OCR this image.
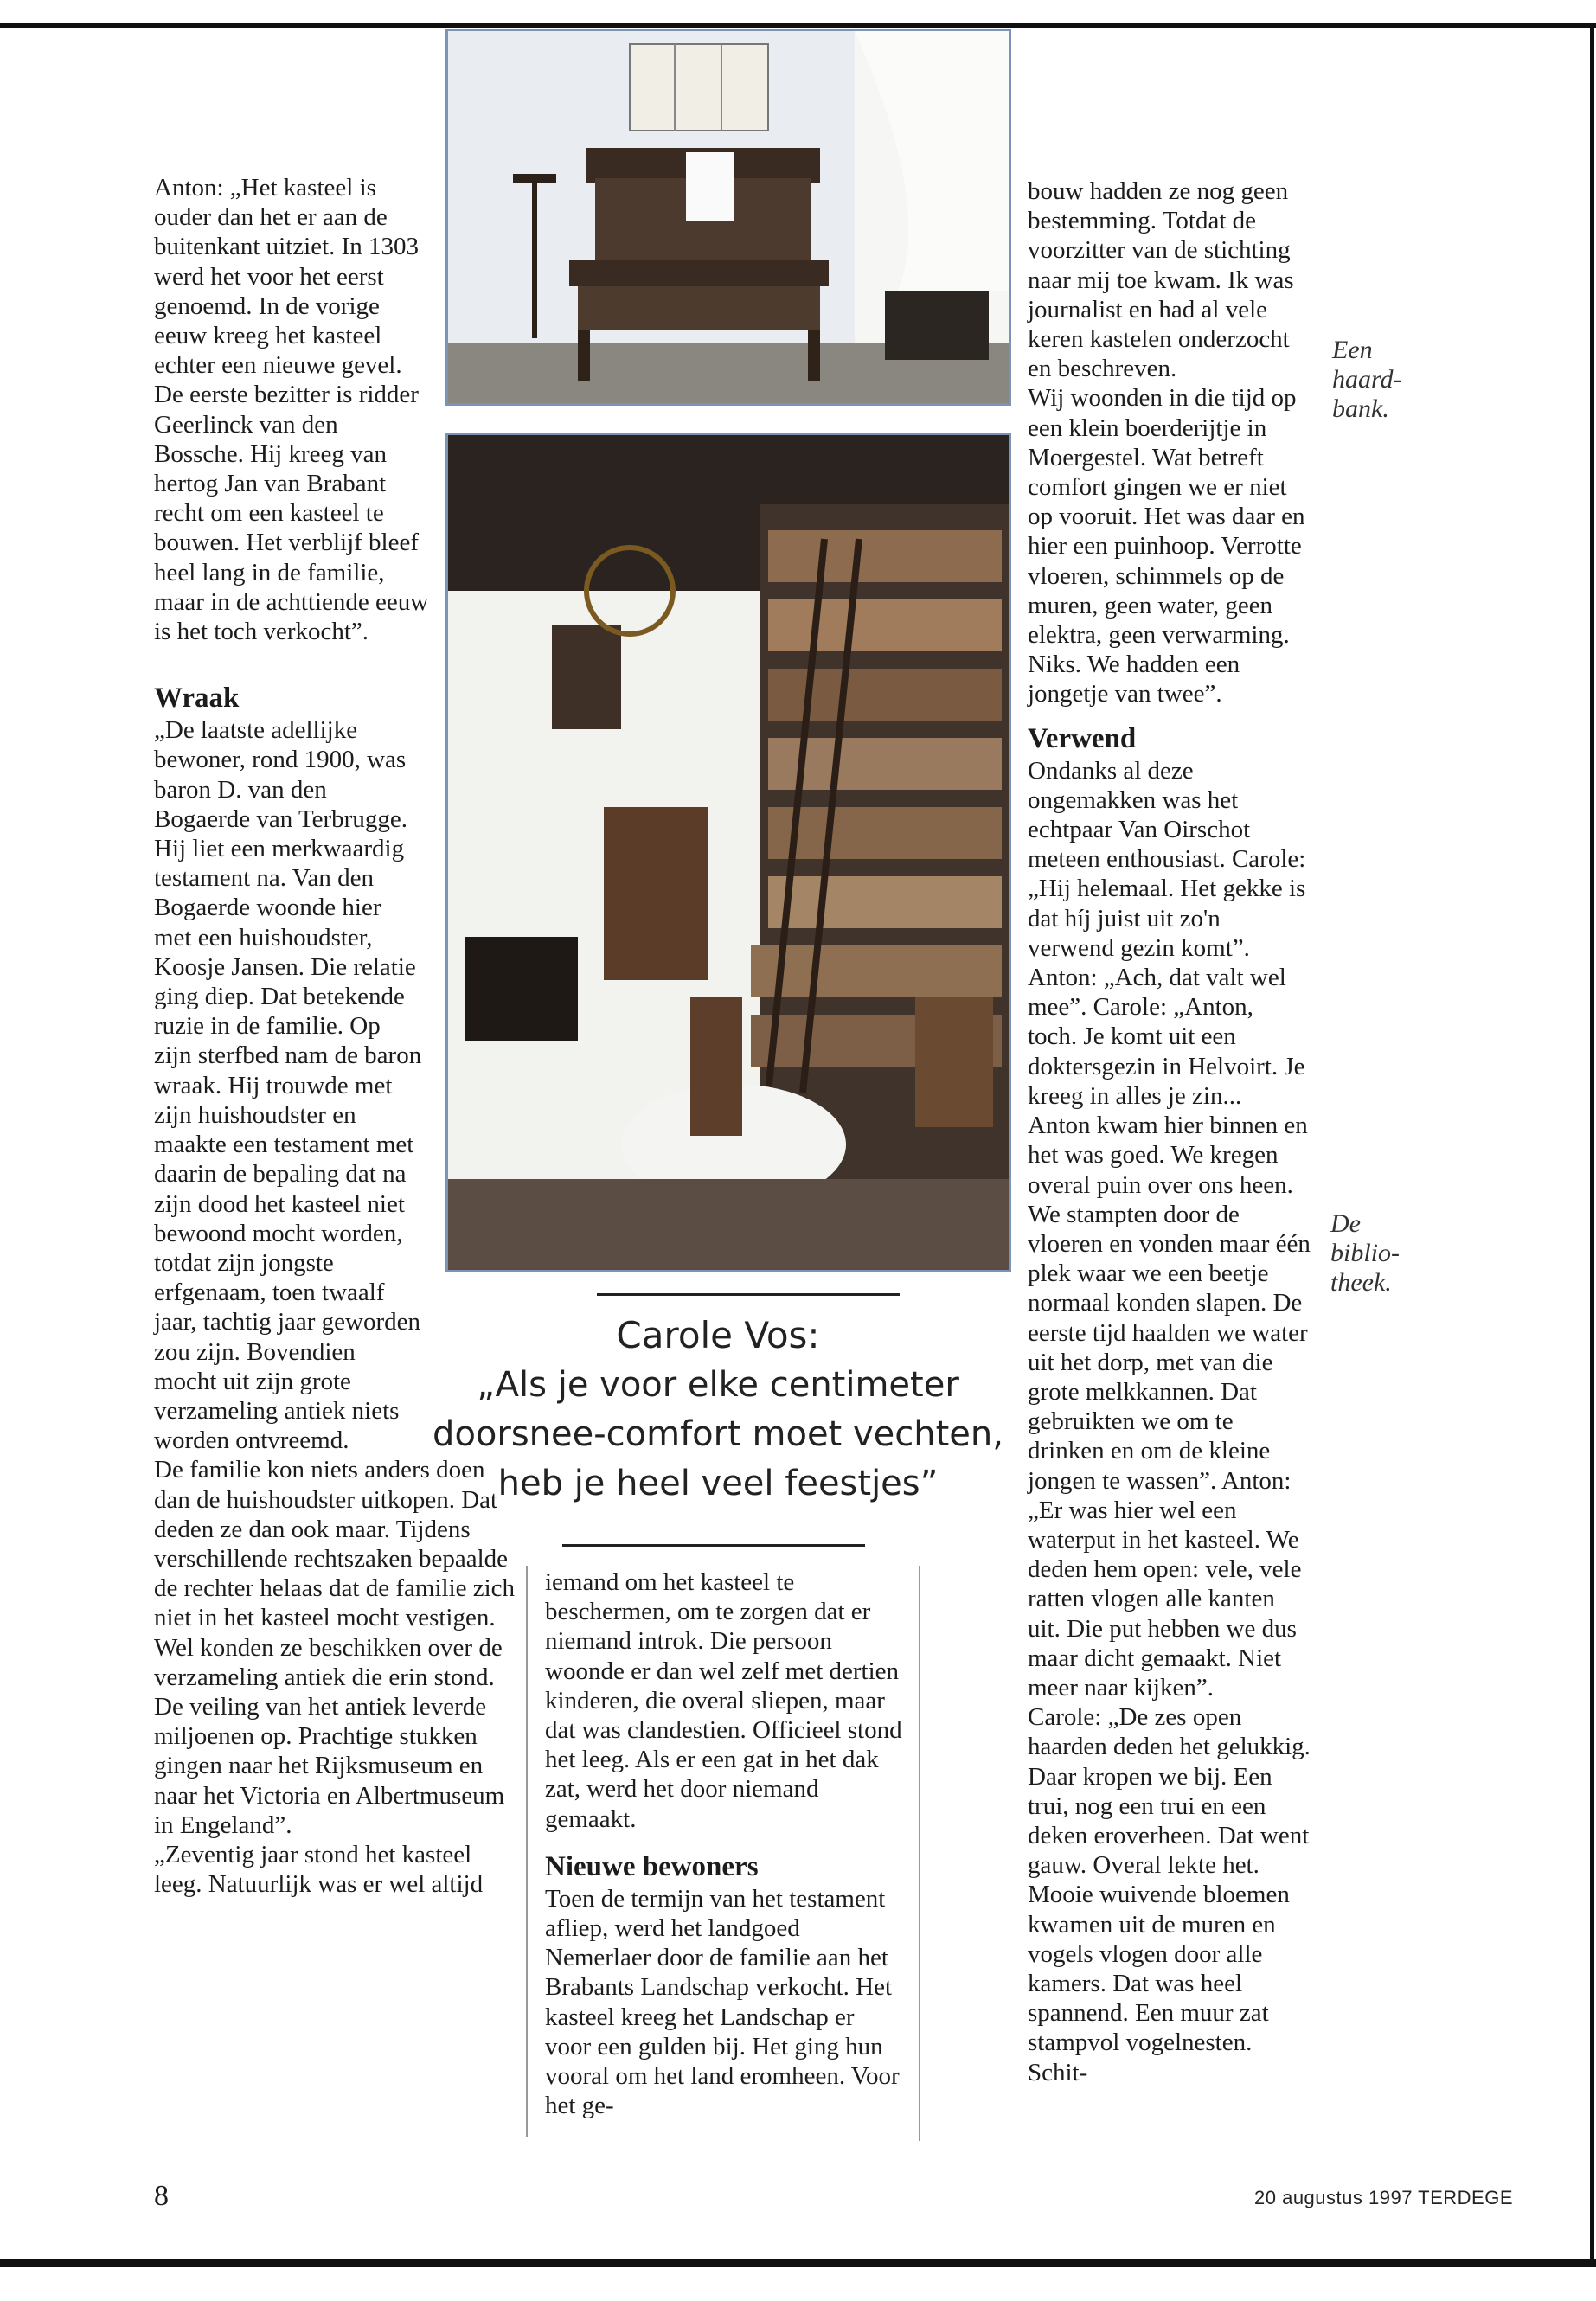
Anton: „Het kasteel is ouder dan het er aan de buitenkant uitziet. In 1303 werd het voor het eerst genoemd. In de vorige eeuw kreeg het kasteel echter een nieuwe gevel. De eerste bezitter is ridder Geerlinck van den Bossche. Hij kreeg van hertog Jan van Brabant recht om een kasteel te bouwen. Het verblijf bleef heel lang in de familie, maar in de achttiende eeuw is het toch verkocht”.

Wraak

„De laatste adellijke bewoner, rond 1900, was baron D. van den Bogaerde van Terbrugge. Hij liet een merkwaardig testament na. Van den Bogaerde woonde hier met een huishoudster, Koosje Jansen. Die relatie ging diep. Dat betekende ruzie in de familie. Op zijn sterfbed nam de baron wraak. Hij trouwde met zijn huishoudster en maakte een testament met daarin de bepaling dat na zijn dood het kasteel niet bewoond mocht worden, totdat zijn jongste erfgenaam, toen twaalf jaar, tachtig jaar geworden zou zijn. Bovendien mocht uit zijn grote verzameling antiek niets worden ontvreemd.

De familie kon niets anders doen dan de huishoudster uitkopen. Dat deden ze dan ook maar. Tijdens verschillende rechtszaken bepaalde de rechter helaas dat de familie zich niet in het kasteel mocht vestigen. Wel konden ze beschikken over de verzameling antiek die erin stond.

De veiling van het antiek leverde miljoenen op. Prachtige stukken gingen naar het Rijksmuseum en naar het Victoria en Albertmuseum in Engeland”.

„Zeventig jaar stond het kasteel leeg. Natuurlijk was er wel altijd

iemand om het kasteel te beschermen, om te zorgen dat er niemand introk. Die persoon woonde er dan wel zelf met dertien kinderen, die overal sliepen, maar dat was clandestien. Officieel stond het leeg. Als er een gat in het dak zat, werd het door niemand gemaakt.

Nieuwe bewoners

Toen de termijn van het testament afliep, werd het landgoed Nemerlaer door de familie aan het Brabants Landschap verkocht. Het kasteel kreeg het Landschap er voor een gulden bij. Het ging hun vooral om het land eromheen. Voor het ge-

bouw hadden ze nog geen bestemming. Totdat de voorzitter van de stichting naar mij toe kwam. Ik was journalist en had al vele keren kastelen onderzocht en beschreven.

Wij woonden in die tijd op een klein boerderijtje in Moergestel. Wat betreft comfort gingen we er niet op vooruit. Het was daar en hier een puinhoop. Verrotte vloeren, schimmels op de muren, geen water, geen elektra, geen verwarming. Niks. We hadden een jongetje van twee”.

Verwend

Ondanks al deze ongemakken was het echtpaar Van Oirschot meteen enthousiast. Carole: „Hij helemaal. Het gekke is dat híj juist uit zo'n verwend gezin komt”. Anton: „Ach, dat valt wel mee”. Carole: „Anton, toch. Je komt uit een doktersgezin in Helvoirt. Je kreeg in alles je zin...

Anton kwam hier binnen en het was goed. We kregen overal puin over ons heen. We stampten door de vloeren en vonden maar één plek waar we een beetje normaal konden slapen. De eerste tijd haalden we water uit het dorp, met van die grote melkkannen. Dat gebruikten we om te drinken en om de kleine jongen te wassen”. Anton: „Er was hier wel een waterput in het kasteel. We deden hem open: vele, vele ratten vlogen alle kanten uit. Die put hebben we dus maar dicht gemaakt. Niet meer naar kijken”.

Carole: „De zes open haarden deden het gelukkig. Daar kropen we bij. Een trui, nog een trui en een deken eroverheen. Dat went gauw. Overal lekte het. Mooie wuivende bloemen kwamen uit de muren en vogels vlogen door alle kamers. Dat was heel spannend. Een muur zat stampvol vogelnesten. Schit-

Een haard-bank.
De biblio-theek.
Carole Vos:
„Als je voor elke centimeter
doorsnee-comfort moet vechten,
heb je heel veel feestjes”
8	20 augustus 1997 TERDEGE
